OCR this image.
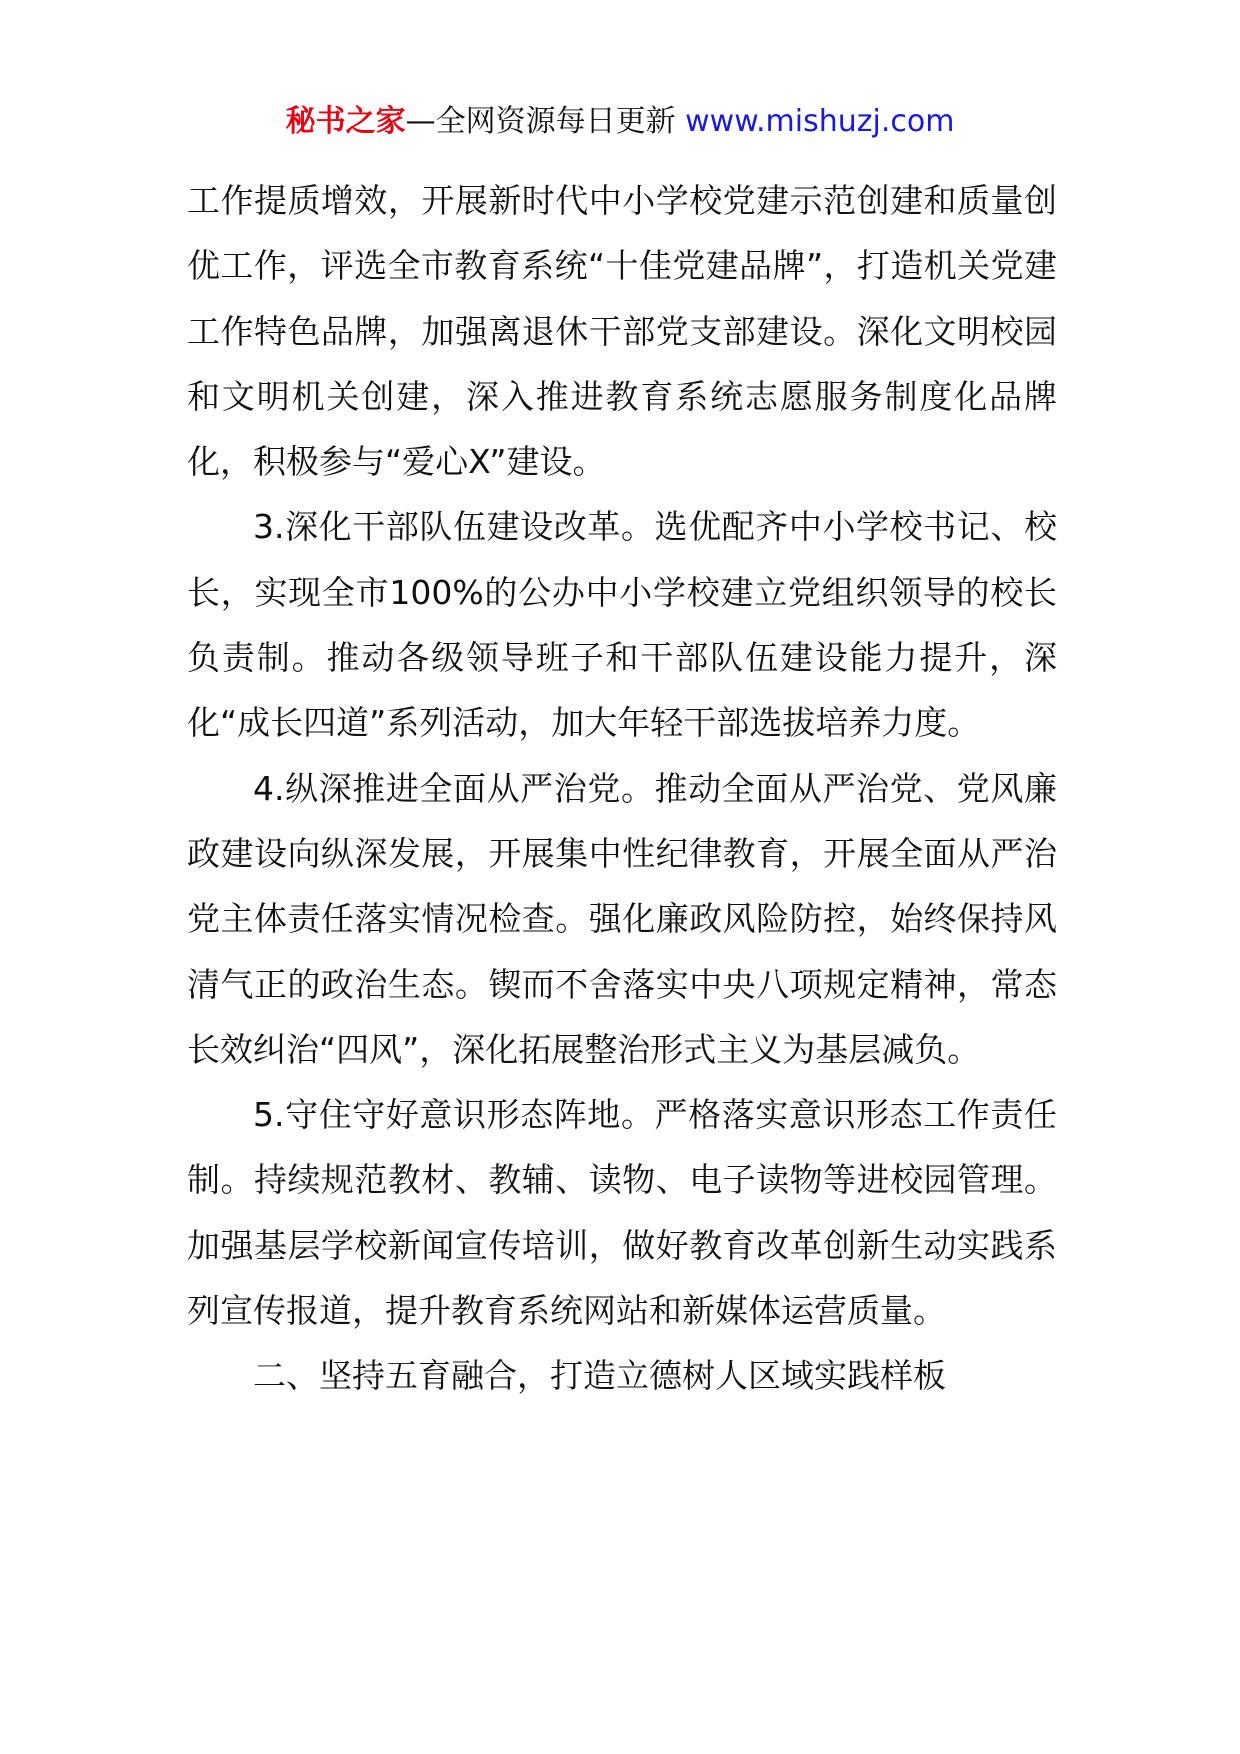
秘书之家—全网资源每日更新 www.mishuzj.com

工作提质增效，开展新时代中小学校党建示范创建和质量创优工作，评选全市教育系统“十佳党建品牌”，打造机关党建工作特色品牌，加强离退休干部党支部建设。深化文明校园和文明机关创建，深入推进教育系统志愿服务制度化品牌化，积极参与“爱心X”建设。

3.深化干部队伍建设改革。选优配齐中小学校书记、校长，实现全市100%的公办中小学校建立党组织领导的校长负责制。推动各级领导班子和干部队伍建设能力提升，深化“成长四道”系列活动，加大年轻干部选拔培养力度。

4.纵深推进全面从严治党。推动全面从严治党、党风廉政建设向纵深发展，开展集中性纪律教育，开展全面从严治党主体责任落实情况检查。强化廉政风险防控，始终保持风清气正的政治生态。锲而不舍落实中央八项规定精神，常态长效纠治“四风”，深化拓展整治形式主义为基层减负。

5.守住守好意识形态阵地。严格落实意识形态工作责任制。持续规范教材、教辅、读物、电子读物等进校园管理。加强基层学校新闻宣传培训，做好教育改革创新生动实践系列宣传报道，提升教育系统网站和新媒体运营质量。

二、坚持五育融合，打造立德树人区域实践样板
